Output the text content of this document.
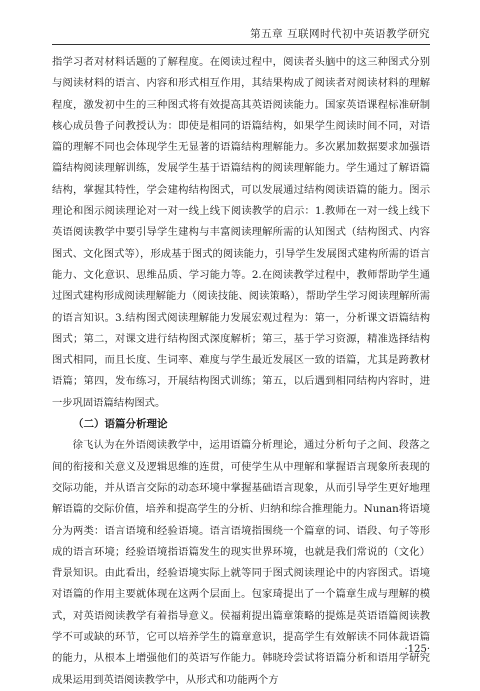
第五章 互联网时代初中英语教学研究

指学习者对材料话题的了解程度。在阅读过程中，阅读者头脑中的这三种图式分别与阅读材料的语言、内容和形式相互作用，其结果构成了阅读者对阅读材料的理解程度，激发初中生的三种图式将有效提高其英语阅读能力。国家英语课程标准研制核心成员鲁子问教授认为：即使是相同的语篇结构，如果学生阅读时间不同，对语篇的理解不同也会体现学生无显著的语篇结构理解能力。多次累加数据要求加强语篇结构阅读理解训练，发展学生基于语篇结构的阅读理解能力。学生通过了解语篇结构，掌握其特性，学会建构结构图式，可以发展通过结构阅读语篇的能力。图示理论和图示阅读理论对一对一线上线下阅读教学的启示：1.教师在一对一线上线下英语阅读教学中要引导学生建构与丰富阅读理解所需的认知图式（结构图式、内容图式、文化图式等），形成基于图式的阅读能力，引导学生发展图式建构所需的语言能力、文化意识、思维品质、学习能力等。2.在阅读教学过程中，教师帮助学生通过图式建构形成阅读理解能力（阅读技能、阅读策略），帮助学生学习阅读理解所需的语言知识。3.结构图式阅读理解能力发展宏观过程为：第一，分析课文语篇结构图式；第二，对课文进行结构图式深度解析；第三，基于学习资源，精准选择结构图式相同，而且长度、生词率、难度与学生最近发展区一致的语篇，尤其是跨教材语篇；第四，发布练习，开展结构图式训练；第五，以后遇到相同结构内容时，进一步巩固语篇结构图式。

（二）语篇分析理论

徐飞认为在外语阅读教学中，运用语篇分析理论，通过分析句子之间、段落之间的衔接和关意义及逻辑思维的连贯，可使学生从中理解和掌握语言现象所表现的交际功能，并从语言交际的动态环境中掌握基础语言现象，从而引导学生更好地理解语篇的交际价值，培养和提高学生的分析、归纳和综合推理能力。Nunan将语境分为两类：语言语境和经验语境。语言语境指围绕一个篇章的词、语段、句子等形成的语言环境；经验语境指语篇发生的现实世界环境，也就是我们常说的（文化）背景知识。由此看出，经验语境实际上就等同于图式阅读理论中的内容图式。语境对语篇的作用主要就体现在这两个层面上。包家琦提出了一个篇章生成与理解的模式，对英语阅读教学有着指导意义。侯福莉提出篇章策略的提炼是英语语篇阅读教学不可或缺的环节，它可以培养学生的篇章意识，提高学生有效解读不同体裁语篇的能力，从根本上增强他们的英语写作能力。韩晓玲尝试将语篇分析和语用学研究成果运用到英语阅读教学中，从形式和功能两个方

·125·
